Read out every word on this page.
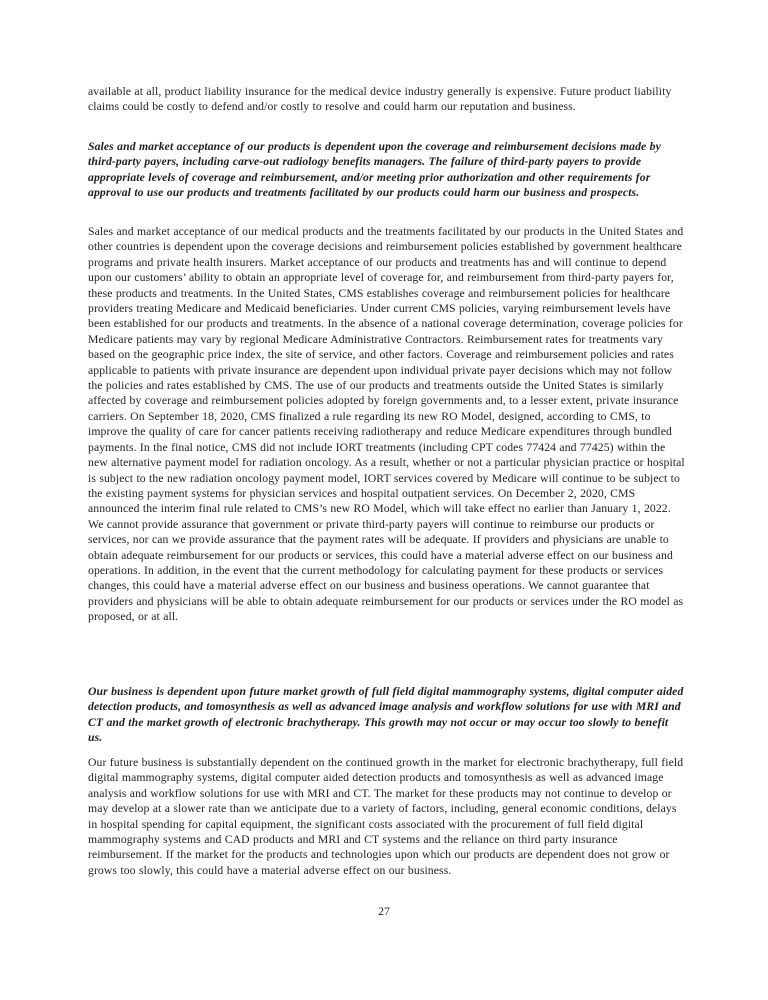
available at all, product liability insurance for the medical device industry generally is expensive. Future product liability claims could be costly to defend and/or costly to resolve and could harm our reputation and business.
Sales and market acceptance of our products is dependent upon the coverage and reimbursement decisions made by third-party payers, including carve-out radiology benefits managers. The failure of third-party payers to provide appropriate levels of coverage and reimbursement, and/or meeting prior authorization and other requirements for approval to use our products and treatments facilitated by our products could harm our business and prospects.
Sales and market acceptance of our medical products and the treatments facilitated by our products in the United States and other countries is dependent upon the coverage decisions and reimbursement policies established by government healthcare programs and private health insurers. Market acceptance of our products and treatments has and will continue to depend upon our customers’ ability to obtain an appropriate level of coverage for, and reimbursement from third-party payers for, these products and treatments. In the United States, CMS establishes coverage and reimbursement policies for healthcare providers treating Medicare and Medicaid beneficiaries. Under current CMS policies, varying reimbursement levels have been established for our products and treatments. In the absence of a national coverage determination, coverage policies for Medicare patients may vary by regional Medicare Administrative Contractors. Reimbursement rates for treatments vary based on the geographic price index, the site of service, and other factors. Coverage and reimbursement policies and rates applicable to patients with private insurance are dependent upon individual private payer decisions which may not follow the policies and rates established by CMS. The use of our products and treatments outside the United States is similarly affected by coverage and reimbursement policies adopted by foreign governments and, to a lesser extent, private insurance carriers. On September 18, 2020, CMS finalized a rule regarding its new RO Model, designed, according to CMS, to improve the quality of care for cancer patients receiving radiotherapy and reduce Medicare expenditures through bundled payments. In the final notice, CMS did not include IORT treatments (including CPT codes 77424 and 77425) within the new alternative payment model for radiation oncology. As a result, whether or not a particular physician practice or hospital is subject to the new radiation oncology payment model, IORT services covered by Medicare will continue to be subject to the existing payment systems for physician services and hospital outpatient services. On December 2, 2020, CMS announced the interim final rule related to CMS’s new RO Model, which will take effect no earlier than January 1, 2022. We cannot provide assurance that government or private third-party payers will continue to reimburse our products or services, nor can we provide assurance that the payment rates will be adequate. If providers and physicians are unable to obtain adequate reimbursement for our products or services, this could have a material adverse effect on our business and operations. In addition, in the event that the current methodology for calculating payment for these products or services changes, this could have a material adverse effect on our business and business operations. We cannot guarantee that providers and physicians will be able to obtain adequate reimbursement for our products or services under the RO model as proposed, or at all.
Our business is dependent upon future market growth of full field digital mammography systems, digital computer aided detection products, and tomosynthesis as well as advanced image analysis and workflow solutions for use with MRI and CT and the market growth of electronic brachytherapy. This growth may not occur or may occur too slowly to benefit us.
Our future business is substantially dependent on the continued growth in the market for electronic brachytherapy, full field digital mammography systems, digital computer aided detection products and tomosynthesis as well as advanced image analysis and workflow solutions for use with MRI and CT. The market for these products may not continue to develop or may develop at a slower rate than we anticipate due to a variety of factors, including, general economic conditions, delays in hospital spending for capital equipment, the significant costs associated with the procurement of full field digital mammography systems and CAD products and MRI and CT systems and the reliance on third party insurance reimbursement. If the market for the products and technologies upon which our products are dependent does not grow or grows too slowly, this could have a material adverse effect on our business.
27
